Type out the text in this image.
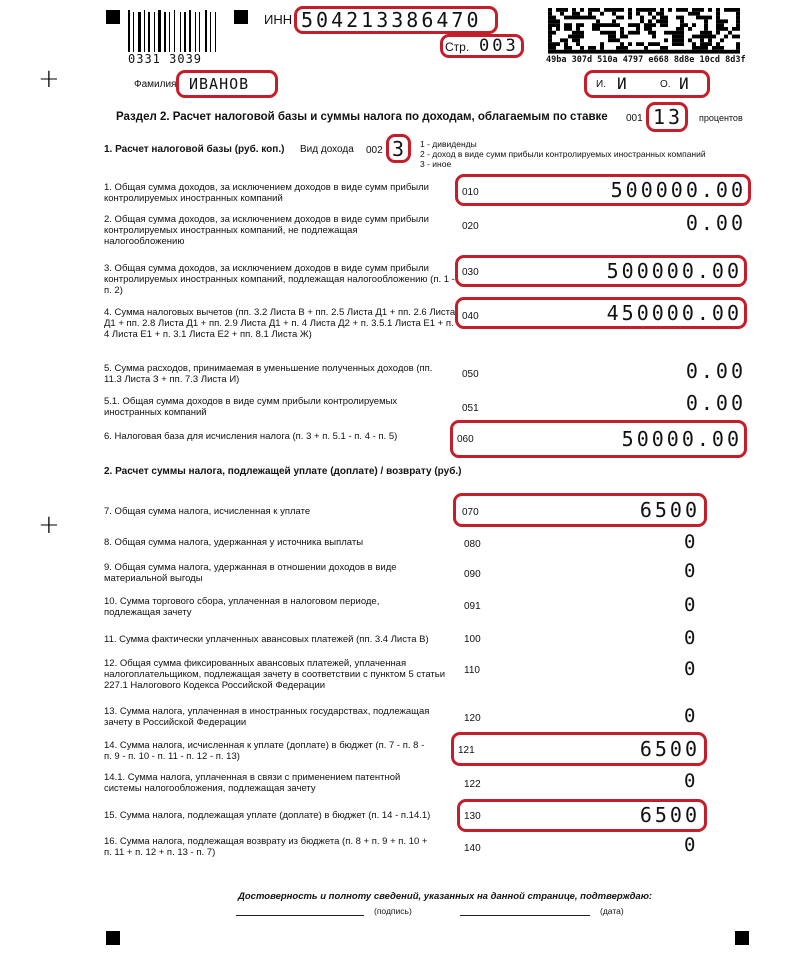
+
+
0331 3039
ИНН 504213386470
Стр. 003
49ba 307d 510a 4797 e668 8d8e 10cd 8d3f
Фамилия ИВАНОВ	И. И	О. И
Раздел 2. Расчет налоговой базы и суммы налога по доходам, облагаемым по ставке 001 13	процентов
1. Расчет налоговой базы (руб. коп.) Вид дохода 002 3	1 - дивиденды
2 - доход в виде сумм прибыли контролируемых иностранных компаний
3 - иное
1. Общая сумма доходов, за исключением доходов в виде сумм прибыли контролируемых иностранных компаний
010	500000.00
2. Общая сумма доходов, за исключением доходов в виде сумм прибыли контролируемых иностранных компаний, не подлежащая налогообложению
020	0.00
3. Общая сумма доходов, за исключением доходов в виде сумм прибыли контролируемых иностранных компаний, подлежащая налогообложению (п. 1 - п. 2)
030	500000.00
4. Сумма налоговых вычетов (пп. 3.2 Листа В + пп. 2.5 Листа Д1 + пп. 2.6 Листа Д1 + пп. 2.8 Листа Д1 + пп. 2.9 Листа Д1 + п. 4 Листа Д2 + п. 3.5.1 Листа Е1 + п. 4 Листа Е1 + п. 3.1 Листа Е2 + пп. 8.1 Листа Ж)
040	450000.00
5. Сумма расходов, принимаемая в уменьшение полученных доходов (пп. 11.3 Листа З + пп. 7.3 Листа И)	050	0.00
5.1. Общая сумма доходов в виде сумм прибыли контролируемых иностранных компаний	051	0.00
6. Налоговая база для исчисления налога (п. 3 + п. 5.1 - п. 4 - п. 5)	060	50000.00
2. Расчет суммы налога, подлежащей уплате (доплате) / возврату (руб.)
7. Общая сумма налога, исчисленная к уплате	070	6500
8. Общая сумма налога, удержанная у источника выплаты	080	0
9. Общая сумма налога, удержанная в отношении доходов в виде материальной выгоды	090	0
10. Сумма торгового сбора, уплаченная в налоговом периоде, подлежащая зачету
091	0
11. Сумма фактически уплаченных авансовых платежей (пп. 3.4 Листа В)	100	0
12. Общая сумма фиксированных авансовых платежей, уплаченная налогоплательщиком, подлежащая зачету в соответствии с пунктом 5 статьи 227.1 Налогового Кодекса Российской Федерации
110	0
13. Сумма налога, уплаченная в иностранных государствах, подлежащая зачету в Российской Федерации	120	0
14. Сумма налога, исчисленная к уплате (доплате) в бюджет (п. 7 - п. 8 - п. 9 - п. 10 - п. 11 - п. 12 - п. 13)
121	6500
14.1. Сумма налога, уплаченная в связи с применением патентной системы налогообложения, подлежащая зачету	122	0
15. Сумма налога, подлежащая уплате (доплате) в бюджет (п. 14 - п.14.1)	130	6500
16. Сумма налога, подлежащая возврату из бюджета (п. 8 + п. 9 + п. 10 + п. 11 + п. 12 + п. 13 - п. 7)	140	0
Достоверность и полноту сведений, указанных на данной странице, подтверждаю:
(подпись)	(дата)
